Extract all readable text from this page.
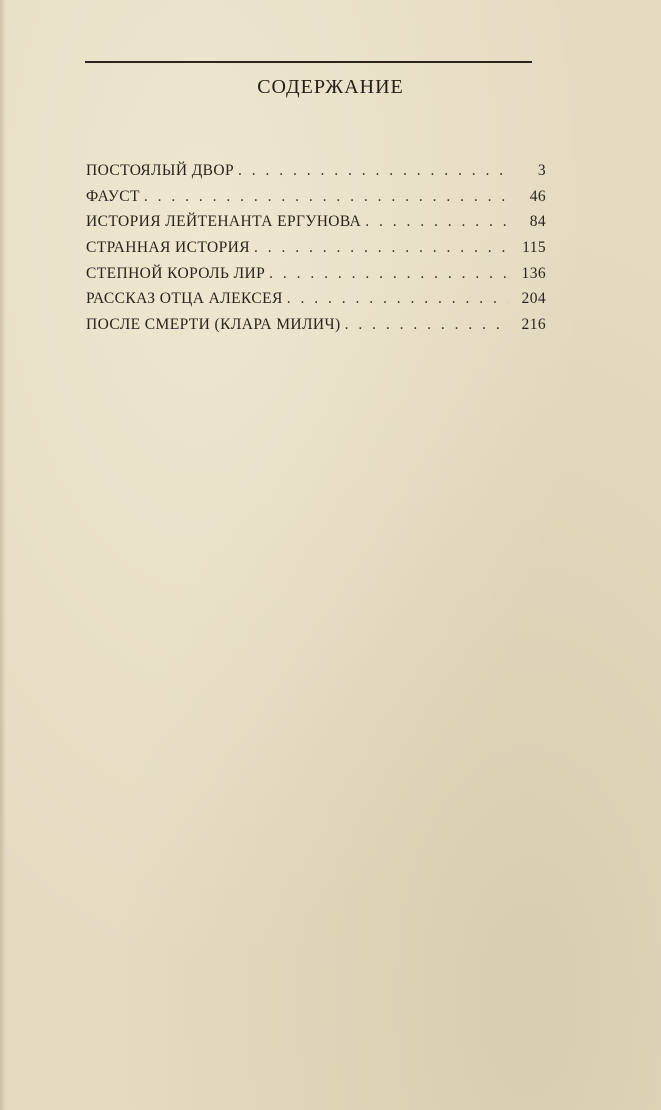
СОДЕРЖАНИЕ
ПОСТОЯЛЫЙ ДВОР . . .	3
ФАУСТ . . .	46
ИСТОРИЯ ЛЕЙТЕНАНТА ЕРГУНОВА . . .	84
СТРАННАЯ ИСТОРИЯ . . .	115
СТЕПНОЙ КОРОЛЬ ЛИР . . .	136
РАССКАЗ ОТЦА АЛЕКСЕЯ . . .	204
ПОСЛЕ СМЕРТИ (КЛАРА МИЛИЧ) . . .	216
